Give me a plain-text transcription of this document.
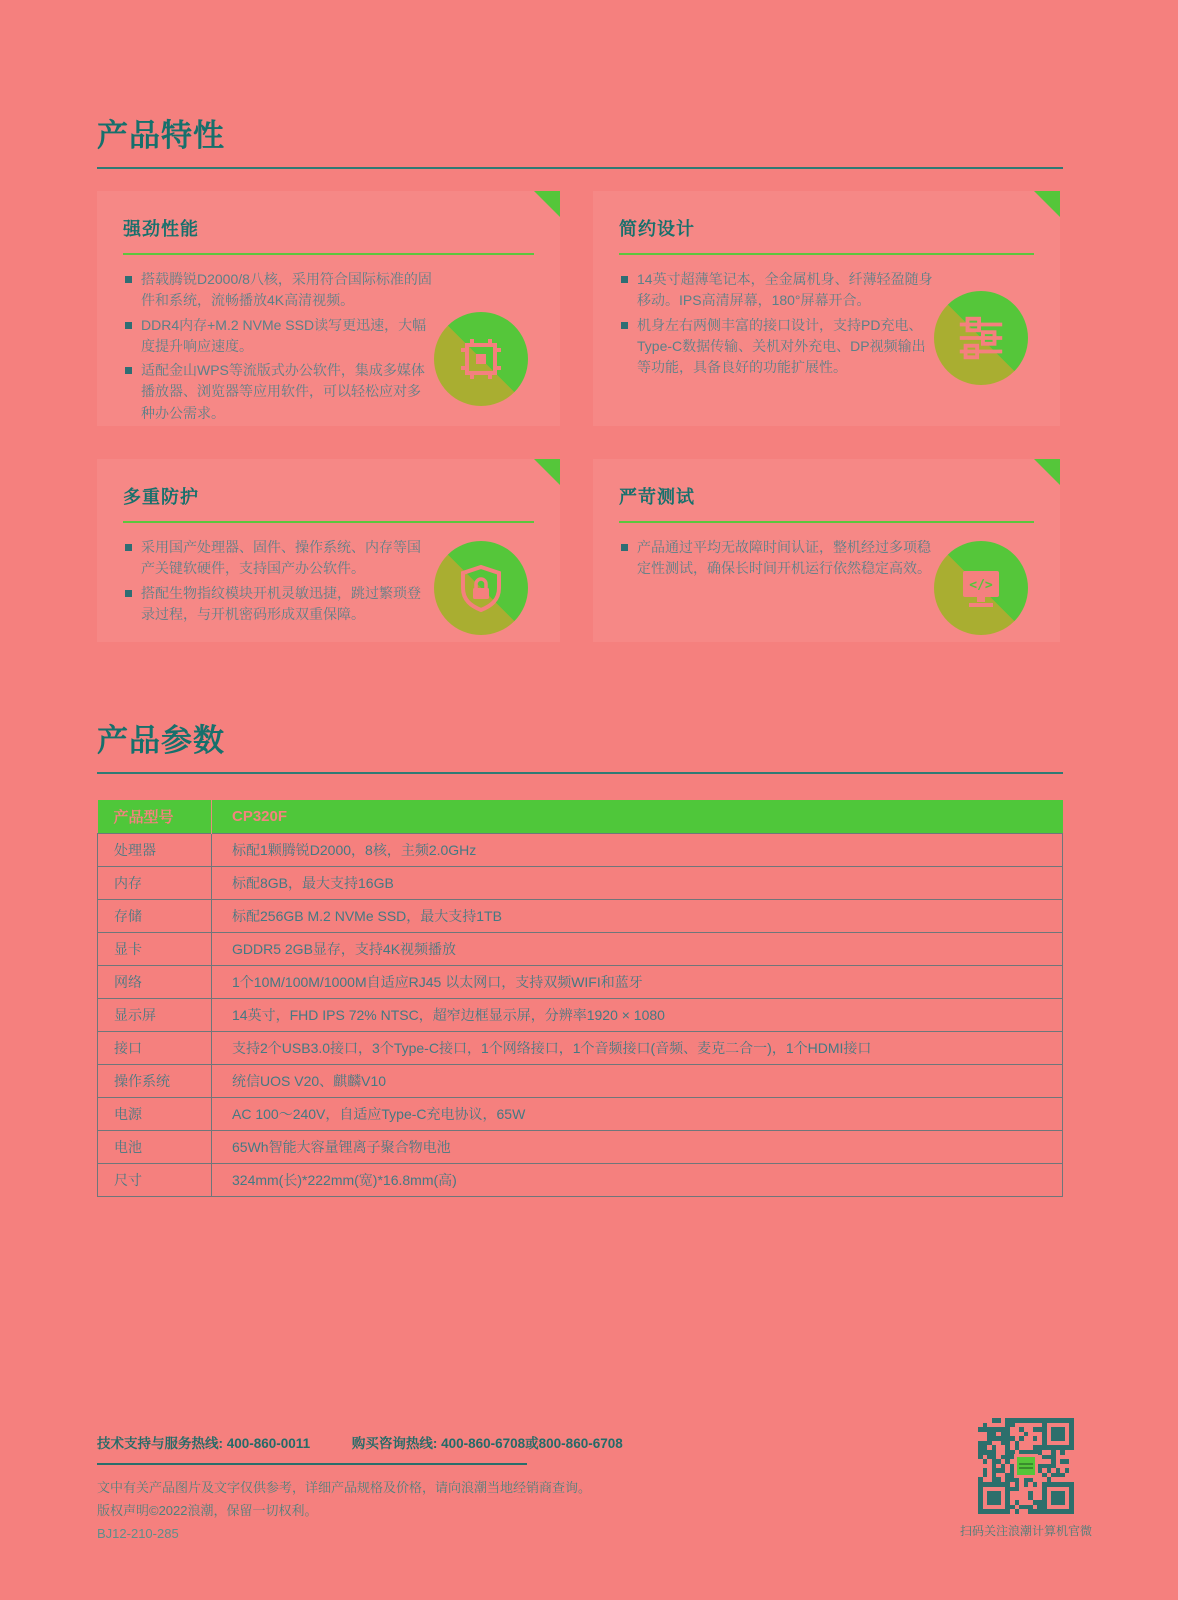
产品特性
强劲性能
搭载腾锐D2000/8八核，采用符合国际标准的固件和系统，流畅播放4K高清视频。
DDR4内存+M.2 NVMe SSD读写更迅速，大幅度提升响应速度。
适配金山WPS等流版式办公软件，集成多媒体播放器、浏览器等应用软件，可以轻松应对多种办公需求。
简约设计
14英寸超薄笔记本，全金属机身、纤薄轻盈随身移动。IPS高清屏幕，180°屏幕开合。
机身左右两侧丰富的接口设计，支持PD充电、Type-C数据传输、关机对外充电、DP视频输出等功能，具备良好的功能扩展性。
多重防护
采用国产处理器、固件、操作系统、内存等国产关键软硬件，支持国产办公软件。
搭配生物指纹模块开机灵敏迅捷，跳过繁琐登录过程，与开机密码形成双重保障。
严苛测试
产品通过平均无故障时间认证，整机经过多项稳定性测试，确保长时间开机运行依然稳定高效。
</>
产品参数
产品型号	CP320F
处理器	标配1颗腾锐D2000，8核，主频2.0GHz
内存	标配8GB，最大支持16GB
存储	标配256GB M.2 NVMe SSD，最大支持1TB
显卡	GDDR5 2GB显存，支持4K视频播放
网络	1个10M/100M/1000M自适应RJ45 以太网口，支持双频WIFI和蓝牙
显示屏	14英寸，FHD IPS 72% NTSC，超窄边框显示屏，分辨率1920 × 1080
接口	支持2个USB3.0接口，3个Type-C接口，1个网络接口，1个音频接口(音频、麦克二合一)，1个HDMI接口
操作系统	统信UOS V20、麒麟V10
电源	AC 100～240V，自适应Type-C充电协议，65W
电池	65Wh智能大容量锂离子聚合物电池
尺寸	324mm(长)*222mm(宽)*16.8mm(高)
技术支持与服务热线: 400-860-0011	购买咨询热线: 400-860-6708或800-860-6708
文中有关产品图片及文字仅供参考，详细产品规格及价格，请向浪潮当地经销商查询。
版权声明©2022浪潮，保留一切权利。
BJ12-210-285	扫码关注浪潮计算机官微
